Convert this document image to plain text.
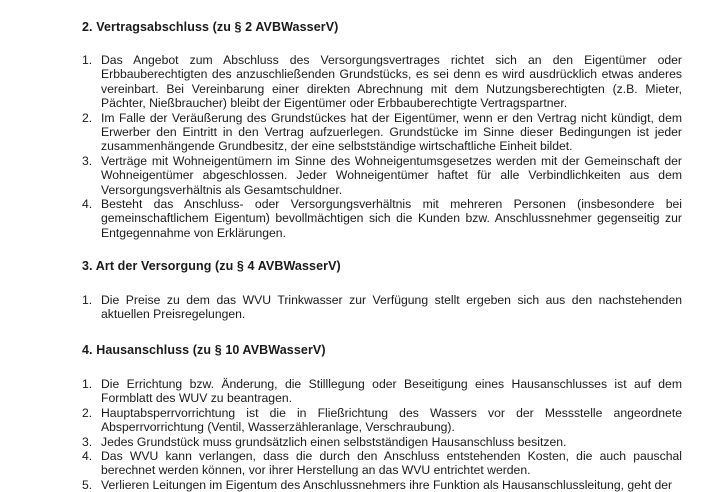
2. Vertragsabschluss (zu § 2 AVBWasserV)
1. Das Angebot zum Abschluss des Versorgungsvertrages richtet sich an den Eigentümer oder Erbbauberechtigten des anzuschließenden Grundstücks, es sei denn es wird ausdrücklich etwas anderes vereinbart. Bei Vereinbarung einer direkten Abrechnung mit dem Nutzungsberechtigten (z.B. Mieter, Pächter, Nießbraucher) bleibt der Eigentümer oder Erbbauberechtigte Vertragspartner.
2. Im Falle der Veräußerung des Grundstückes hat der Eigentümer, wenn er den Vertrag nicht kündigt, dem Erwerber den Eintritt in den Vertrag aufzuerlegen. Grundstücke im Sinne dieser Bedingungen ist jeder zusammenhängende Grundbesitz, der eine selbstständige wirtschaftliche Einheit bildet.
3. Verträge mit Wohneigentümern im Sinne des Wohneigentumsgesetzes werden mit der Gemeinschaft der Wohneigentümer abgeschlossen. Jeder Wohneigentümer haftet für alle Verbindlichkeiten aus dem Versorgungsverhältnis als Gesamtschuldner.
4. Besteht das Anschluss- oder Versorgungsverhältnis mit mehreren Personen (insbesondere bei gemeinschaftlichem Eigentum) bevollmächtigen sich die Kunden bzw. Anschlussnehmer gegenseitig zur Entgegennahme von Erklärungen.
3. Art der Versorgung (zu § 4 AVBWasserV)
1. Die Preise zu dem das WVU Trinkwasser zur Verfügung stellt ergeben sich aus den nachstehenden aktuellen Preisregelungen.
4. Hausanschluss (zu § 10 AVBWasserV)
1. Die Errichtung bzw. Änderung, die Stilllegung oder Beseitigung eines Hausanschlusses ist auf dem Formblatt des WUV zu beantragen.
2. Hauptabsperrvorrichtung ist die in Fließrichtung des Wassers vor der Messstelle angeordnete Absperrvorrichtung (Ventil, Wasserzähleranlage, Verschraubung).
3. Jedes Grundstück muss grundsätzlich einen selbstständigen Hausanschluss besitzen.
4. Das WVU kann verlangen, dass die durch den Anschluss entstehenden Kosten, die auch pauschal berechnet werden können, vor ihrer Herstellung an das WVU entrichtet werden.
5. Verlieren Leitungen im Eigentum des Anschlussnehmers ihre Funktion als Hausanschlussleitung, geht der
